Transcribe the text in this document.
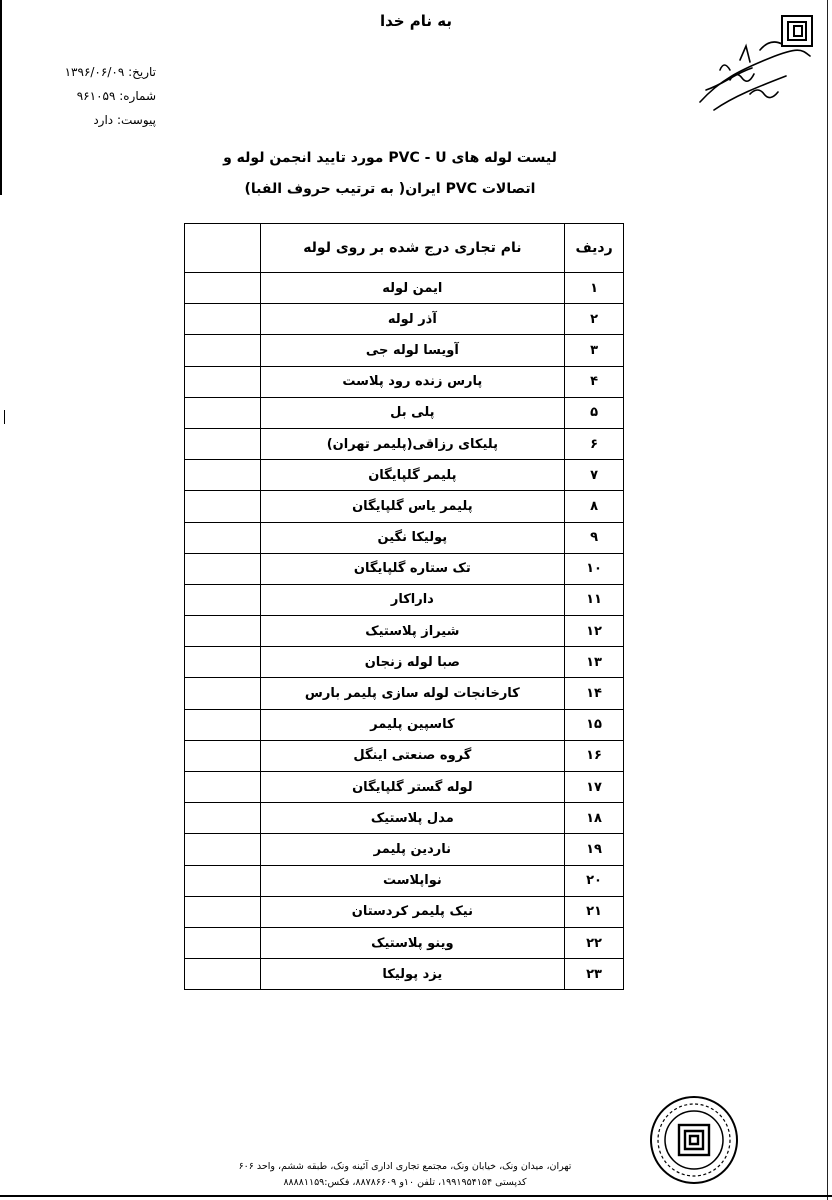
به نام خدا
تاریخ: ۱۳۹۶/۰۶/۰۹
شماره: ۹۶۱۰۵۹
پیوست: دارد
لیست لوله های PVC - U مورد تایید انجمن لوله و
اتصالات PVC ایران( به ترتیب حروف الفبا)
ردیف	نام تجاری درج شده بر روی لوله	
۱	ایمن لوله	
۲	آذر لوله	
۳	آویسا لوله جی	
۴	پارس زنده رود پلاست	
۵	پلی بل	
۶	پلیکای رزاقی(پلیمر تهران)	
۷	پلیمر گلپایگان	
۸	پلیمر یاس گلپایگان	
۹	پولیکا نگین	
۱۰	تک ستاره گلپایگان	
۱۱	داراکار	
۱۲	شیراز پلاستیک	
۱۳	صبا لوله زنجان	
۱۴	کارخانجات لوله سازی پلیمر بارس	
۱۵	کاسپین پلیمر	
۱۶	گروه صنعتی اینگل	
۱۷	لوله گستر گلپایگان	
۱۸	مدل پلاستیک	
۱۹	ناردین پلیمر	
۲۰	نواپلاست	
۲۱	نیک پلیمر کردستان	
۲۲	وینو پلاستیک	
۲۳	یزد پولیکا	
تهران، میدان ونک، خیابان ونک، مجتمع تجاری اداری آئینه ونک، طبقه ششم، واحد ۶۰۶
کدپستی ۱۹۹۱۹۵۴۱۵۴، تلفن ۱۰و ۸۸۷۸۶۶۰۹، فکس:۸۸۸۸۱۱۵۹
